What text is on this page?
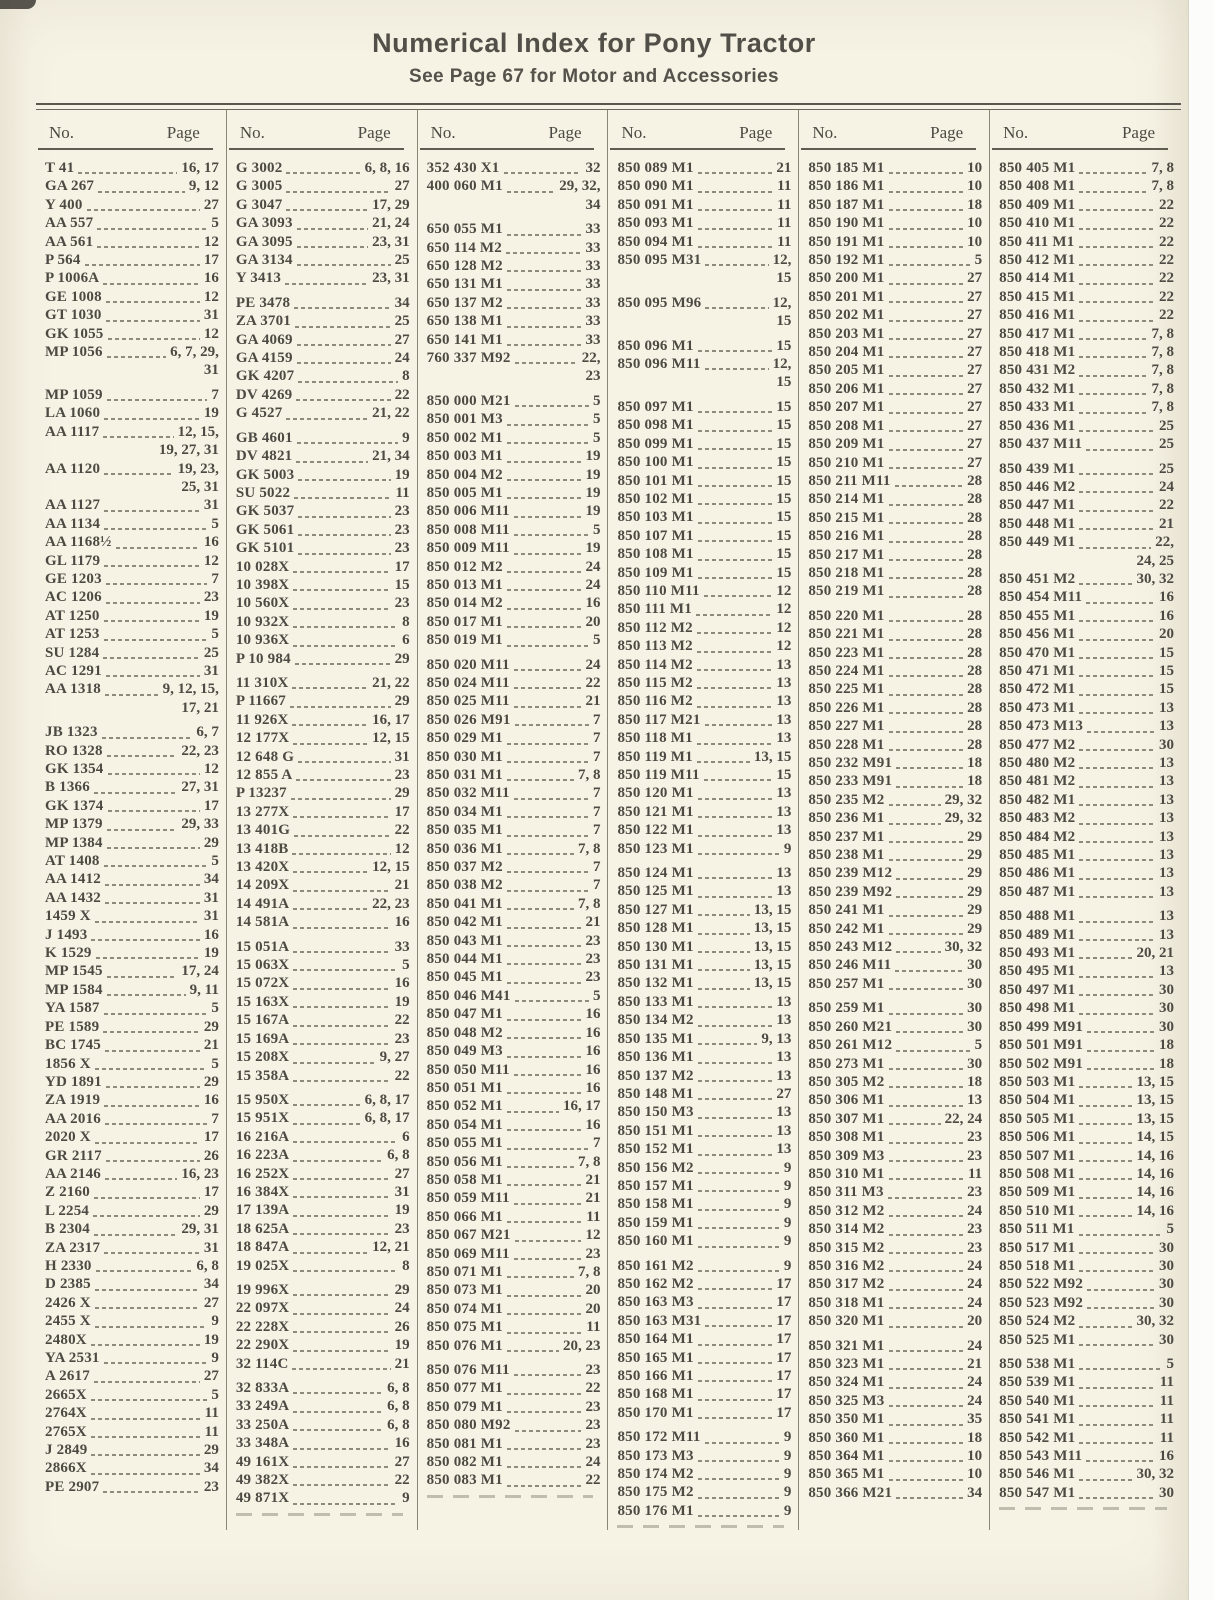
Numerical Index for Pony Tractor
See Page 67 for Motor and Accessories
No.	Page
T 41	16, 17
GA 267	9, 12
Y 400	27
AA 557	5
AA 561	12
P 564	17
P 1006A	16
GE 1008	12
GT 1030	31
GK 1055	12
MP 1056	6, 7, 29,
31
MP 1059	7
LA 1060	19
AA 1117	12, 15,
19, 27, 31
AA 1120	19, 23,
25, 31
AA 1127	31
AA 1134	5
AA 1168½	16
GL 1179	12
GE 1203	7
AC 1206	23
AT 1250	19
AT 1253	5
SU 1284	25
AC 1291	31
AA 1318	9, 12, 15,
17, 21
JB 1323	6, 7
RO 1328	22, 23
GK 1354	12
B 1366	27, 31
GK 1374	17
MP 1379	29, 33
MP 1384	29
AT 1408	5
AA 1412	34
AA 1432	31
1459 X	31
J 1493	16
K 1529	19
MP 1545	17, 24
MP 1584	9, 11
YA 1587	5
PE 1589	29
BC 1745	21
1856 X	5
YD 1891	29
ZA 1919	16
AA 2016	7
2020 X	17
GR 2117	26
AA 2146	16, 23
Z 2160	17
L 2254	29
B 2304	29, 31
ZA 2317	31
H 2330	6, 8
D 2385	34
2426 X	27
2455 X	9
2480X	19
YA 2531	9
A 2617	27
2665X	5
2764X	11
2765X	11
J 2849	29
2866X	34
PE 2907	23
No.	Page
G 3002	6, 8, 16
G 3005	27
G 3047	17, 29
GA 3093	21, 24
GA 3095	23, 31
GA 3134	25
Y 3413	23, 31
PE 3478	34
ZA 3701	25
GA 4069	27
GA 4159	24
GK 4207	8
DV 4269	22
G 4527	21, 22
GB 4601	9
DV 4821	21, 34
GK 5003	19
SU 5022	11
GK 5037	23
GK 5061	23
GK 5101	23
10 028X	17
10 398X	15
10 560X	23
10 932X	8
10 936X	6
P 10 984	29
11 310X	21, 22
P 11667	29
11 926X	16, 17
12 177X	12, 15
12 648 G	31
12 855 A	23
P 13237	29
13 277X	17
13 401G	22
13 418B	12
13 420X	12, 15
14 209X	21
14 491A	22, 23
14 581A	16
15 051A	33
15 063X	5
15 072X	16
15 163X	19
15 167A	22
15 169A	23
15 208X	9, 27
15 358A	22
15 950X	6, 8, 17
15 951X	6, 8, 17
16 216A	6
16 223A	6, 8
16 252X	27
16 384X	31
17 139A	19
18 625A	23
18 847A	12, 21
19 025X	8
19 996X	29
22 097X	24
22 228X	26
22 290X	19
32 114C	21
32 833A	6, 8
33 249A	6, 8
33 250A	6, 8
33 348A	16
49 161X	27
49 382X	22
49 871X	9
No.	Page
352 430 X1	32
400 060 M1	29, 32,
34
650 055 M1	33
650 114 M2	33
650 128 M2	33
650 131 M1	33
650 137 M2	33
650 138 M1	33
650 141 M1	33
760 337 M92	22,
23
850 000 M21	5
850 001 M3	5
850 002 M1	5
850 003 M1	19
850 004 M2	19
850 005 M1	19
850 006 M11	19
850 008 M11	5
850 009 M11	19
850 012 M2	24
850 013 M1	24
850 014 M2	16
850 017 M1	20
850 019 M1	5
850 020 M11	24
850 024 M11	22
850 025 M11	21
850 026 M91	7
850 029 M1	7
850 030 M1	7
850 031 M1	7, 8
850 032 M11	7
850 034 M1	7
850 035 M1	7
850 036 M1	7, 8
850 037 M2	7
850 038 M2	7
850 041 M1	7, 8
850 042 M1	21
850 043 M1	23
850 044 M1	23
850 045 M1	23
850 046 M41	5
850 047 M1	16
850 048 M2	16
850 049 M3	16
850 050 M11	16
850 051 M1	16
850 052 M1	16, 17
850 054 M1	16
850 055 M1	7
850 056 M1	7, 8
850 058 M1	21
850 059 M11	21
850 066 M1	11
850 067 M21	12
850 069 M11	23
850 071 M1	7, 8
850 073 M1	20
850 074 M1	20
850 075 M1	11
850 076 M1	20, 23
850 076 M11	23
850 077 M1	22
850 079 M1	23
850 080 M92	23
850 081 M1	23
850 082 M1	24
850 083 M1	22
No.	Page
850 089 M1	21
850 090 M1	11
850 091 M1	11
850 093 M1	11
850 094 M1	11
850 095 M31	12,
15
850 095 M96	12,
15
850 096 M1	15
850 096 M11	12,
15
850 097 M1	15
850 098 M1	15
850 099 M1	15
850 100 M1	15
850 101 M1	15
850 102 M1	15
850 103 M1	15
850 107 M1	15
850 108 M1	15
850 109 M1	15
850 110 M11	12
850 111 M1	12
850 112 M2	12
850 113 M2	12
850 114 M2	13
850 115 M2	13
850 116 M2	13
850 117 M21	13
850 118 M1	13
850 119 M1	13, 15
850 119 M11	15
850 120 M1	13
850 121 M1	13
850 122 M1	13
850 123 M1	9
850 124 M1	13
850 125 M1	13
850 127 M1	13, 15
850 128 M1	13, 15
850 130 M1	13, 15
850 131 M1	13, 15
850 132 M1	13, 15
850 133 M1	13
850 134 M2	13
850 135 M1	9, 13
850 136 M1	13
850 137 M2	13
850 148 M1	27
850 150 M3	13
850 151 M1	13
850 152 M1	13
850 156 M2	9
850 157 M1	9
850 158 M1	9
850 159 M1	9
850 160 M1	9
850 161 M2	9
850 162 M2	17
850 163 M3	17
850 163 M31	17
850 164 M1	17
850 165 M1	17
850 166 M1	17
850 168 M1	17
850 170 M1	17
850 172 M11	9
850 173 M3	9
850 174 M2	9
850 175 M2	9
850 176 M1	9
No.	Page
850 185 M1	10
850 186 M1	10
850 187 M1	18
850 190 M1	10
850 191 M1	10
850 192 M1	5
850 200 M1	27
850 201 M1	27
850 202 M1	27
850 203 M1	27
850 204 M1	27
850 205 M1	27
850 206 M1	27
850 207 M1	27
850 208 M1	27
850 209 M1	27
850 210 M1	27
850 211 M11	28
850 214 M1	28
850 215 M1	28
850 216 M1	28
850 217 M1	28
850 218 M1	28
850 219 M1	28
850 220 M1	28
850 221 M1	28
850 223 M1	28
850 224 M1	28
850 225 M1	28
850 226 M1	28
850 227 M1	28
850 228 M1	28
850 232 M91	18
850 233 M91	18
850 235 M2	29, 32
850 236 M1	29, 32
850 237 M1	29
850 238 M1	29
850 239 M12	29
850 239 M92	29
850 241 M1	29
850 242 M1	29
850 243 M12	30, 32
850 246 M11	30
850 257 M1	30
850 259 M1	30
850 260 M21	30
850 261 M12	5
850 273 M1	30
850 305 M2	18
850 306 M1	13
850 307 M1	22, 24
850 308 M1	23
850 309 M3	23
850 310 M1	11
850 311 M3	23
850 312 M2	24
850 314 M2	23
850 315 M2	23
850 316 M2	24
850 317 M2	24
850 318 M1	24
850 320 M1	20
850 321 M1	24
850 323 M1	21
850 324 M1	24
850 325 M3	24
850 350 M1	35
850 360 M1	18
850 364 M1	10
850 365 M1	10
850 366 M21	34
No.	Page
850 405 M1	7, 8
850 408 M1	7, 8
850 409 M1	22
850 410 M1	22
850 411 M1	22
850 412 M1	22
850 414 M1	22
850 415 M1	22
850 416 M1	22
850 417 M1	7, 8
850 418 M1	7, 8
850 431 M2	7, 8
850 432 M1	7, 8
850 433 M1	7, 8
850 436 M1	25
850 437 M11	25
850 439 M1	25
850 446 M2	24
850 447 M1	22
850 448 M1	21
850 449 M1	22,
24, 25
850 451 M2	30, 32
850 454 M11	16
850 455 M1	16
850 456 M1	20
850 470 M1	15
850 471 M1	15
850 472 M1	15
850 473 M1	13
850 473 M13	13
850 477 M2	30
850 480 M2	13
850 481 M2	13
850 482 M1	13
850 483 M2	13
850 484 M2	13
850 485 M1	13
850 486 M1	13
850 487 M1	13
850 488 M1	13
850 489 M1	13
850 493 M1	20, 21
850 495 M1	13
850 497 M1	30
850 498 M1	30
850 499 M91	30
850 501 M91	18
850 502 M91	18
850 503 M1	13, 15
850 504 M1	13, 15
850 505 M1	13, 15
850 506 M1	14, 15
850 507 M1	14, 16
850 508 M1	14, 16
850 509 M1	14, 16
850 510 M1	14, 16
850 511 M1	5
850 517 M1	30
850 518 M1	30
850 522 M92	30
850 523 M92	30
850 524 M2	30, 32
850 525 M1	30
850 538 M1	5
850 539 M1	11
850 540 M1	11
850 541 M1	11
850 542 M1	11
850 543 M11	16
850 546 M1	30, 32
850 547 M1	30
